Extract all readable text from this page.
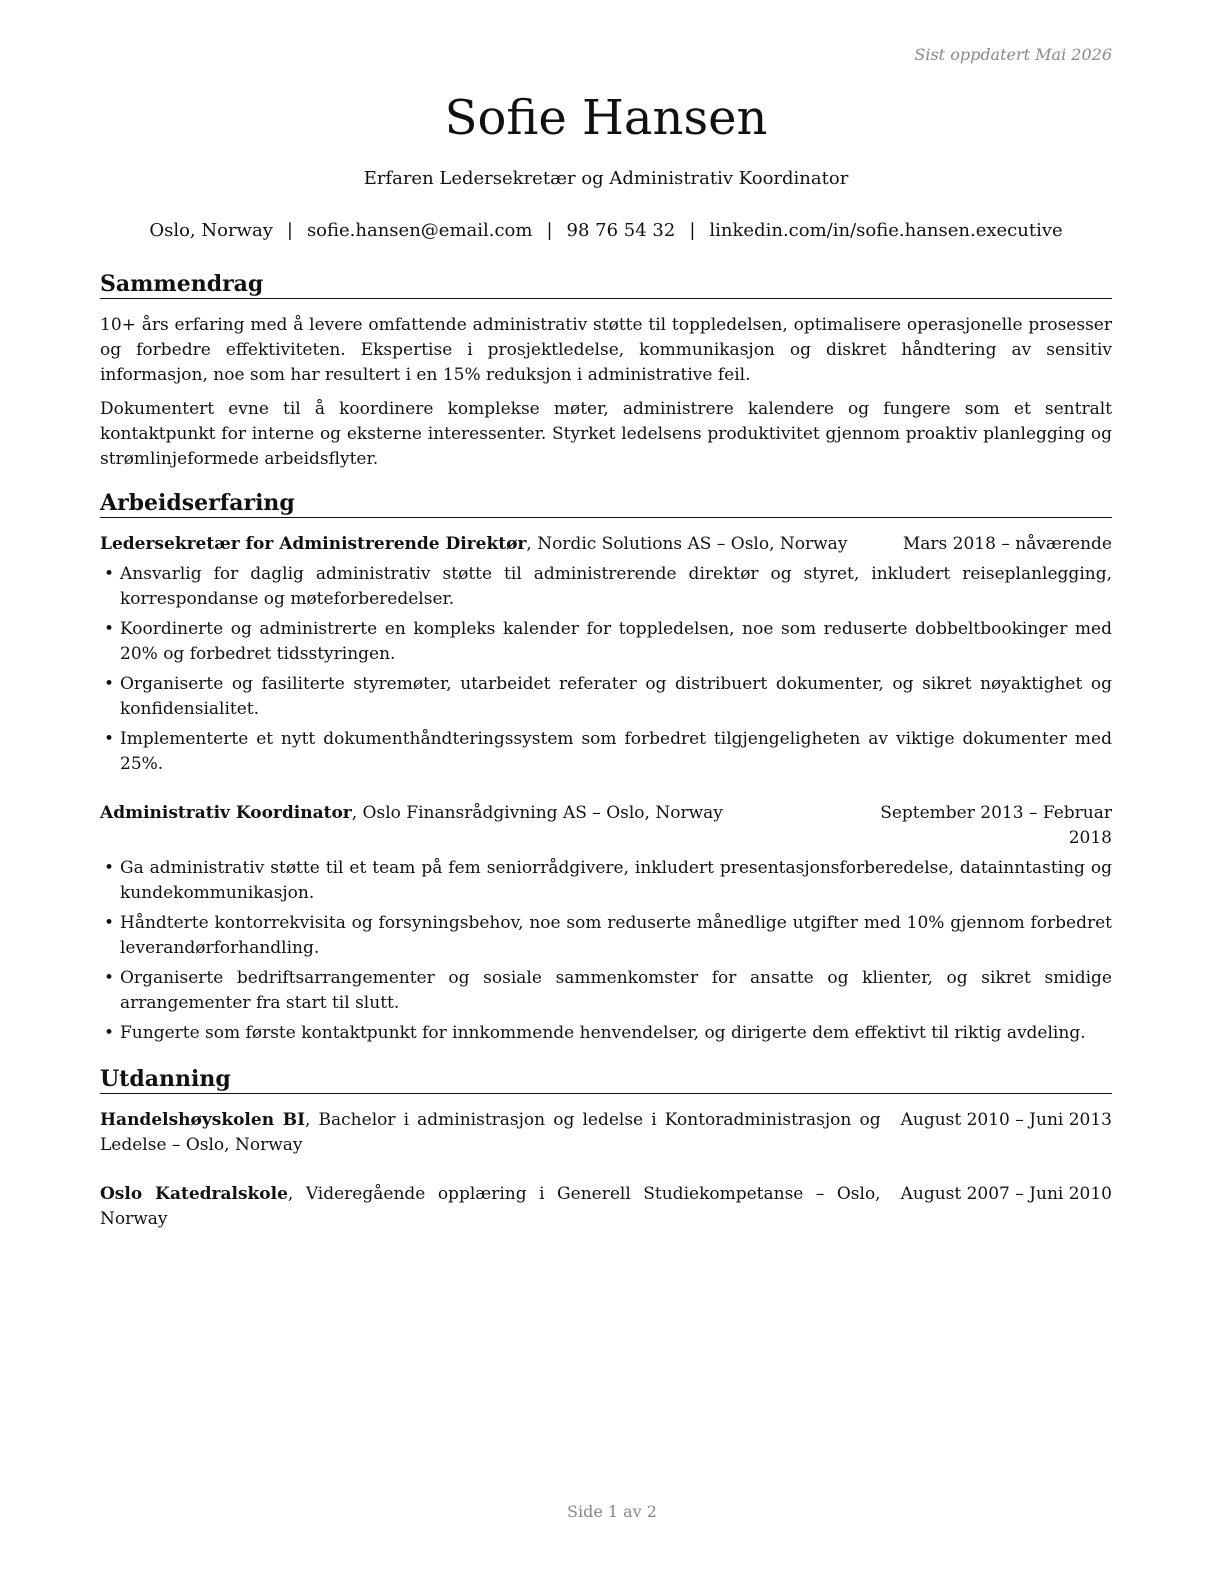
Sist oppdatert Mai 2026
Sofie Hansen
Erfaren Ledersekretær og Administrativ Koordinator
Oslo, Norway | sofie.hansen@email.com | 98 76 54 32 | linkedin.com/in/sofie.hansen.executive
Sammendrag

10+ års erfaring med å levere omfattende administrativ støtte til toppledelsen, optimalisere operasjonelle prosesser og forbedre effektiviteten. Ekspertise i prosjektledelse, kommunikasjon og diskret håndtering av sensitiv informasjon, noe som har resultert i en 15% reduksjon i administrative feil.

Dokumentert evne til å koordinere komplekse møter, administrere kalendere og fungere som et sentralt kontaktpunkt for interne og eksterne interessenter. Styrket ledelsens produktivitet gjennom proaktiv planlegging og strømlinjeformede arbeidsflyter.

Arbeidserfaring
Ledersekretær for Administrerende Direktør, Nordic Solutions AS – Oslo, Norway	Mars 2018 – nåværende
• Ansvarlig for daglig administrativ støtte til administrerende direktør og styret, inkludert reiseplanlegging, korrespondanse og møteforberedelser.
• Koordinerte og administrerte en kompleks kalender for toppledelsen, noe som reduserte dobbeltbookinger med 20% og forbedret tidsstyringen.
• Organiserte og fasiliterte styremøter, utarbeidet referater og distribuert dokumenter, og sikret nøyaktighet og konfidensialitet.
• Implementerte et nytt dokumenthåndteringssystem som forbedret tilgjengeligheten av viktige dokumenter med 25%.
Administrativ Koordinator, Oslo Finansrådgivning AS – Oslo, Norway	September 2013 – Februar 2018
• Ga administrativ støtte til et team på fem seniorrådgivere, inkludert presentasjonsforberedelse, datainntasting og kundekommunikasjon.
• Håndterte kontorrekvisita og forsyningsbehov, noe som reduserte månedlige utgifter med 10% gjennom forbedret leverandørforhandling.
• Organiserte bedriftsarrangementer og sosiale sammenkomster for ansatte og klienter, og sikret smidige arrangementer fra start til slutt.
• Fungerte som første kontaktpunkt for innkommende henvendelser, og dirigerte dem effektivt til riktig avdeling.
Utdanning
Handelshøyskolen BI, Bachelor i administrasjon og ledelse i Kontoradministrasjon og Ledelse – Oslo, Norway
August 2010 – Juni 2013
Oslo Katedralskole, Videregående opplæring i Generell Studiekompetanse – Oslo, Norway
August 2007 – Juni 2010
Side 1 av 2
